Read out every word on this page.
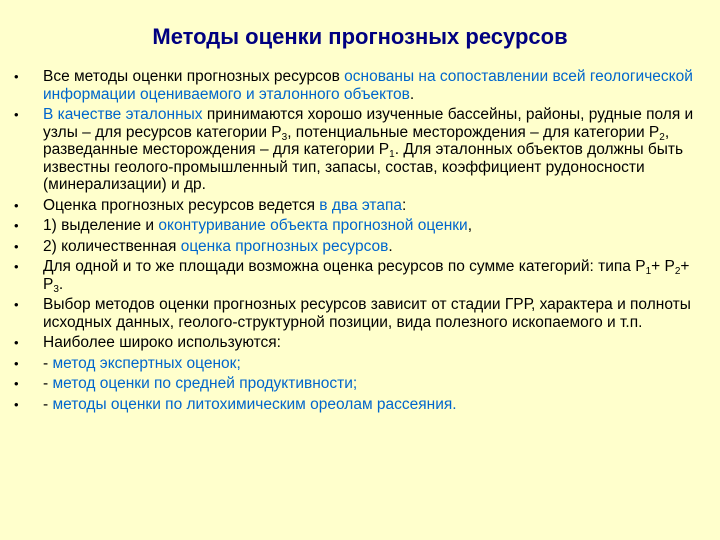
Методы оценки прогнозных ресурсов
• Все методы оценки прогнозных ресурсов основаны на сопоставлении всей геологической информации оцениваемого и эталонного объектов.
• В качестве эталонных принимаются хорошо изученные бассейны, районы, рудные поля и узлы – для ресурсов категории $Р_3$, потенциальные месторождения – для категории $Р_2$, разведанные месторождения – для категории $Р_1$. Для эталонных объектов должны быть известны геолого-промышленный тип, запасы, состав, коэффициент рудоносности (минерализации) и др.
• Оценка прогнозных ресурсов ведется в два этапа:
• 1) выделение и оконтуривание объекта прогнозной оценки,
• 2) количественная оценка прогнозных ресурсов.
• Для одной и то же площади возможна оценка ресурсов по сумме категорий: типа $Р_1+ Р_2+ Р_3$.
• Выбор методов оценки прогнозных ресурсов зависит от стадии ГРР, характера и полноты исходных данных, геолого-структурной позиции, вида полезного ископаемого и т.п.
• Наиболее широко используются:
• - метод экспертных оценок;
• - метод оценки по средней продуктивности;
• - методы оценки по литохимическим ореолам рассеяния.
